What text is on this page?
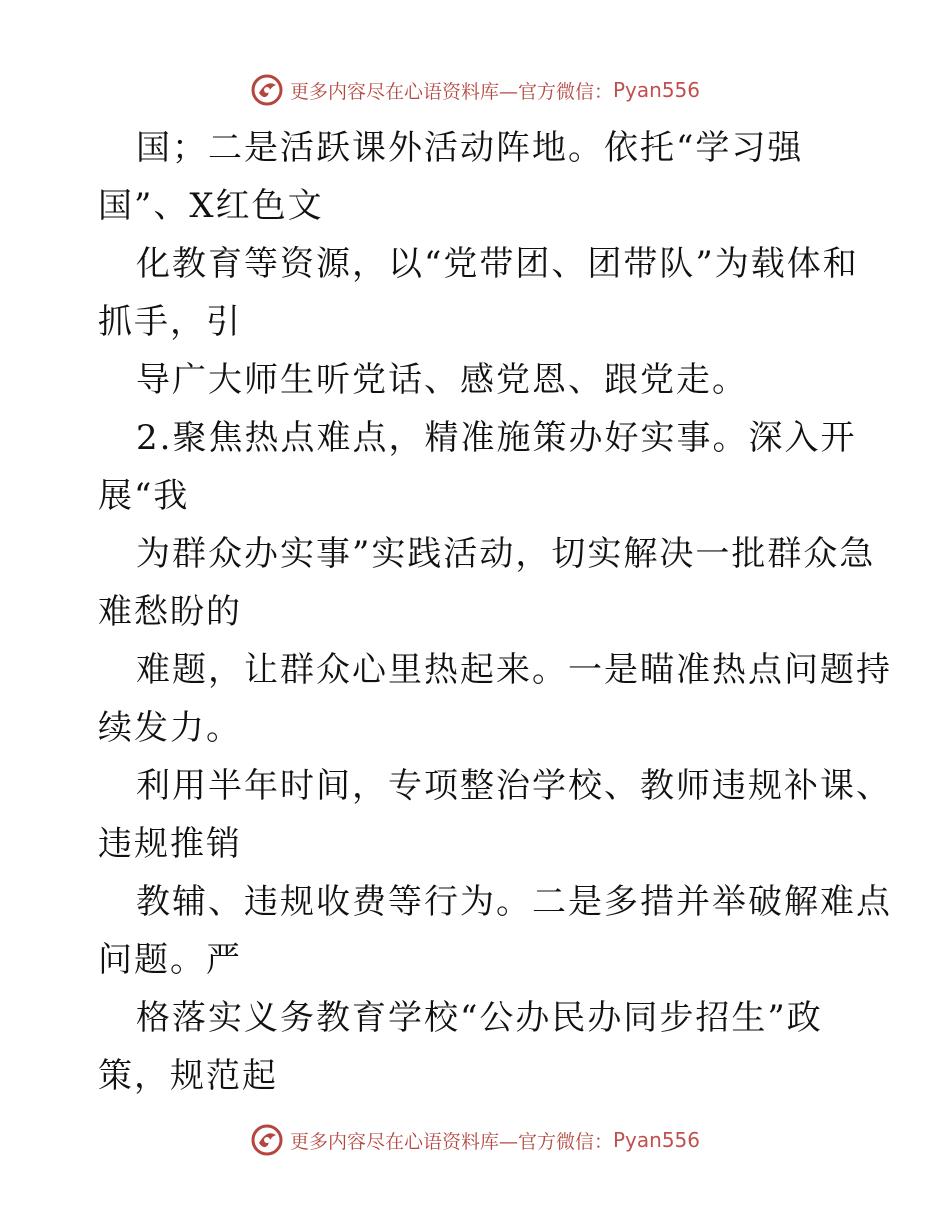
更多内容尽在心语资料库—官方微信： Pyan556
国；二是活跃课外活动阵地。依托“学习强
国”、X红色文
化教育等资源，以“党带团、团带队”为载体和
抓手，引
导广大师生听党话、感党恩、跟党走。
2.聚焦热点难点，精准施策办好实事。深入开
展“我
为群众办实事”实践活动，切实解决一批群众急
难愁盼的
难题，让群众心里热起来。一是瞄准热点问题持
续发力。
利用半年时间，专项整治学校、教师违规补课、
违规推销
教辅、违规收费等行为。二是多措并举破解难点
问题。严
格落实义务教育学校“公办民办同步招生”政
策，规范起
更多内容尽在心语资料库—官方微信： Pyan556
